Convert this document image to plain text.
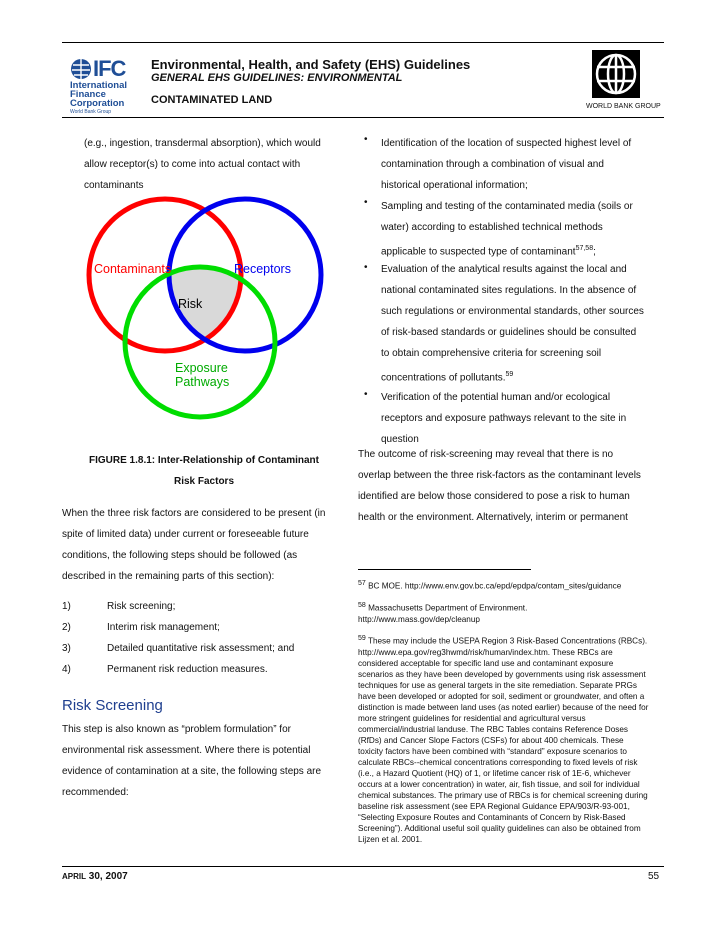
IFC
International
Finance
Corporation
World Bank Group
Environmental, Health, and Safety (EHS) Guidelines
GENERAL EHS GUIDELINES: ENVIRONMENTAL
CONTAMINATED LAND
WORLD BANK GROUP
(e.g., ingestion, transdermal absorption), which would
allow receptor(s) to come into actual contact with
contaminants
Contaminants	Receptors
Risk
Exposure
Pathways
FIGURE 1.8.1: Inter-Relationship of Contaminant
Risk Factors
When the three risk factors are considered to be present (in
spite of limited data) under current or foreseeable future
conditions, the following steps should be followed (as
described in the remaining parts of this section):
1)	Risk screening;
2)	Interim risk management;
3)	Detailed quantitative risk assessment; and
4)	Permanent risk reduction measures.
Risk Screening
This step is also known as “problem formulation” for
environmental risk assessment. Where there is potential
evidence of contamination at a site, the following steps are
recommended:
• Identification of the location of suspected highest level of
contamination through a combination of visual and
historical operational information;
• Sampling and testing of the contaminated media (soils or
water) according to established technical methods
applicable to suspected type of contaminant$^{57,58}$;
• Evaluation of the analytical results against the local and
national contaminated sites regulations. In the absence of
such regulations or environmental standards, other sources
of risk-based standards or guidelines should be consulted
to obtain comprehensive criteria for screening soil
concentrations of pollutants.$^{59}$
• Verification of the potential human and/or ecological
receptors and exposure pathways relevant to the site in
question
The outcome of risk-screening may reveal that there is no
overlap between the three risk-factors as the contaminant levels
identified are below those considered to pose a risk to human
health or the environment. Alternatively, interim or permanent
$^{57}$ BC MOE. http://www.env.gov.bc.ca/epd/epdpa/contam_sites/guidance
$^{58}$ Massachusetts Department of Environment.
http://www.mass.gov/dep/cleanup
$^{59}$ These may include the USEPA Region 3 Risk-Based Concentrations (RBCs).
http://www.epa.gov/reg3hwmd/risk/human/index.htm. These RBCs are
considered acceptable for specific land use and contaminant exposure
scenarios as they have been developed by governments using risk assessment
techniques for use as general targets in the site remediation. Separate PRGs
have been developed or adopted for soil, sediment or groundwater, and often a
distinction is made between land uses (as noted earlier) because of the need for
more stringent guidelines for residential and agricultural versus
commercial/industrial landuse. The RBC Tables contains Reference Doses
(RfDs) and Cancer Slope Factors (CSFs) for about 400 chemicals. These
toxicity factors have been combined with “standard” exposure scenarios to
calculate RBCs--chemical concentrations corresponding to fixed levels of risk
(i.e., a Hazard Quotient (HQ) of 1, or lifetime cancer risk of 1E-6, whichever
occurs at a lower concentration) in water, air, fish tissue, and soil for individual
chemical substances. The primary use of RBCs is for chemical screening during
baseline risk assessment (see EPA Regional Guidance EPA/903/R-93-001,
“Selecting Exposure Routes and Contaminants of Concern by Risk-Based
Screening”). Additional useful soil quality guidelines can also be obtained from
Lijzen et al. 2001.
APRIL 30, 2007	55
